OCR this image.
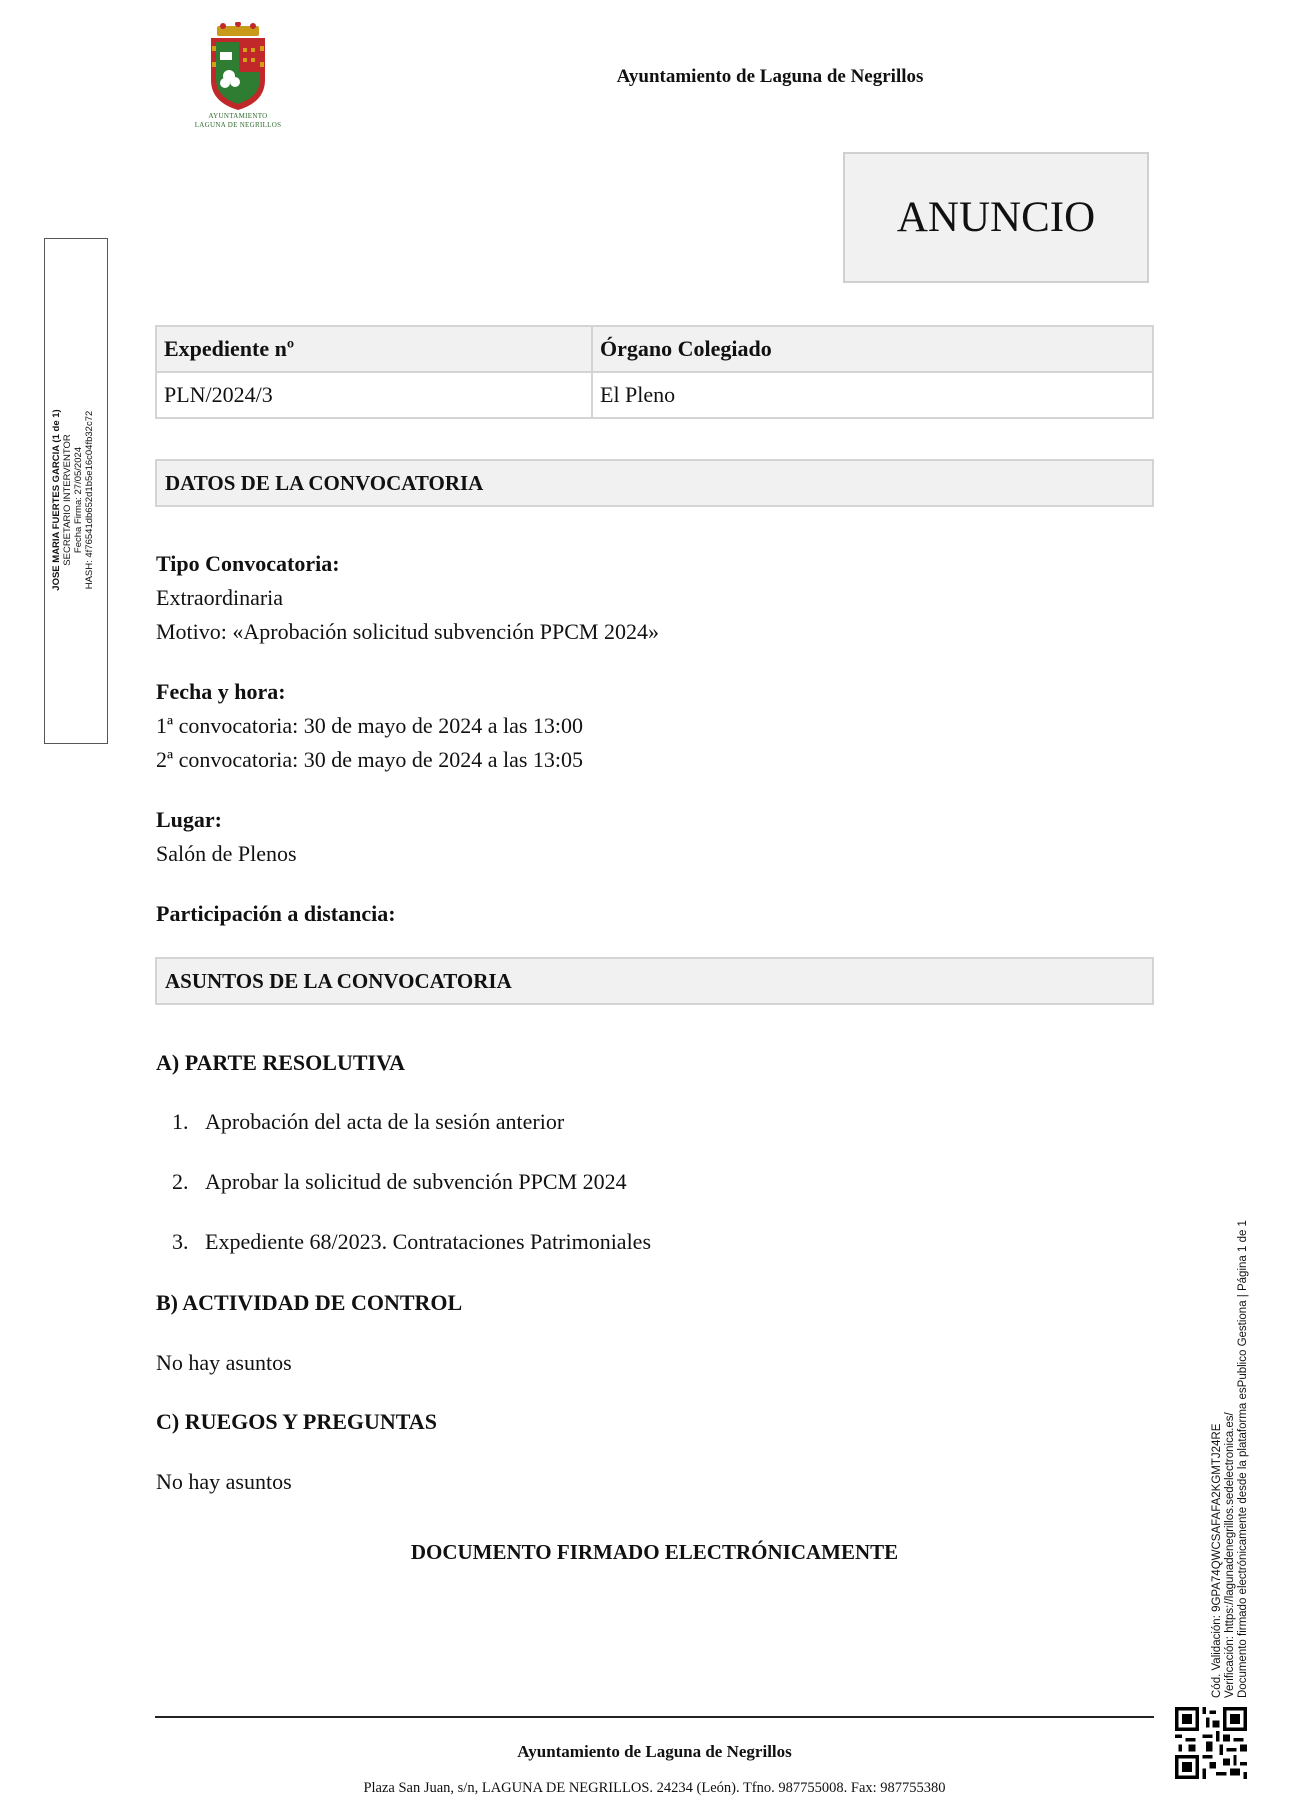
AYUNTAMIENTO
LAGUNA DE NEGRILLOS
Ayuntamiento de Laguna de Negrillos
ANUNCIO
JOSE MARIA FUERTES GARCIA (1 de 1) SECRETARIO INTERVENTOR Fecha Firma: 27/05/2024 HASH: 4f76541db652d1b5e16c04fb32c72
Expediente nº	Órgano Colegiado
PLN/2024/3	El Pleno
DATOS DE LA CONVOCATORIA
Tipo Convocatoria:
Extraordinaria
Motivo: «Aprobación solicitud subvención PPCM 2024»
Fecha y hora:
1ª convocatoria: 30 de mayo de 2024 a las 13:00
2ª convocatoria: 30 de mayo de 2024 a las 13:05
Lugar:
Salón de Plenos
Participación a distancia:
ASUNTOS DE LA CONVOCATORIA
A) PARTE RESOLUTIVA
1. Aprobación del acta de la sesión anterior
2. Aprobar la solicitud de subvención PPCM 2024
3. Expediente 68/2023. Contrataciones Patrimoniales
B) ACTIVIDAD DE CONTROL
No hay asuntos
C) RUEGOS Y PREGUNTAS
No hay asuntos
DOCUMENTO FIRMADO ELECTRÓNICAMENTE
Ayuntamiento de Laguna de Negrillos
Plaza San Juan, s/n, LAGUNA DE NEGRILLOS. 24234 (León). Tfno. 987755008. Fax: 987755380
Cód. Validación: 9GPA74QWCSAFAFA2KGMTJ24RE Verificación: https://lagunadenegrillos.sedelectronica.es/ Documento firmado electrónicamente desde la plataforma esPublico Gestiona | Página 1 de 1
